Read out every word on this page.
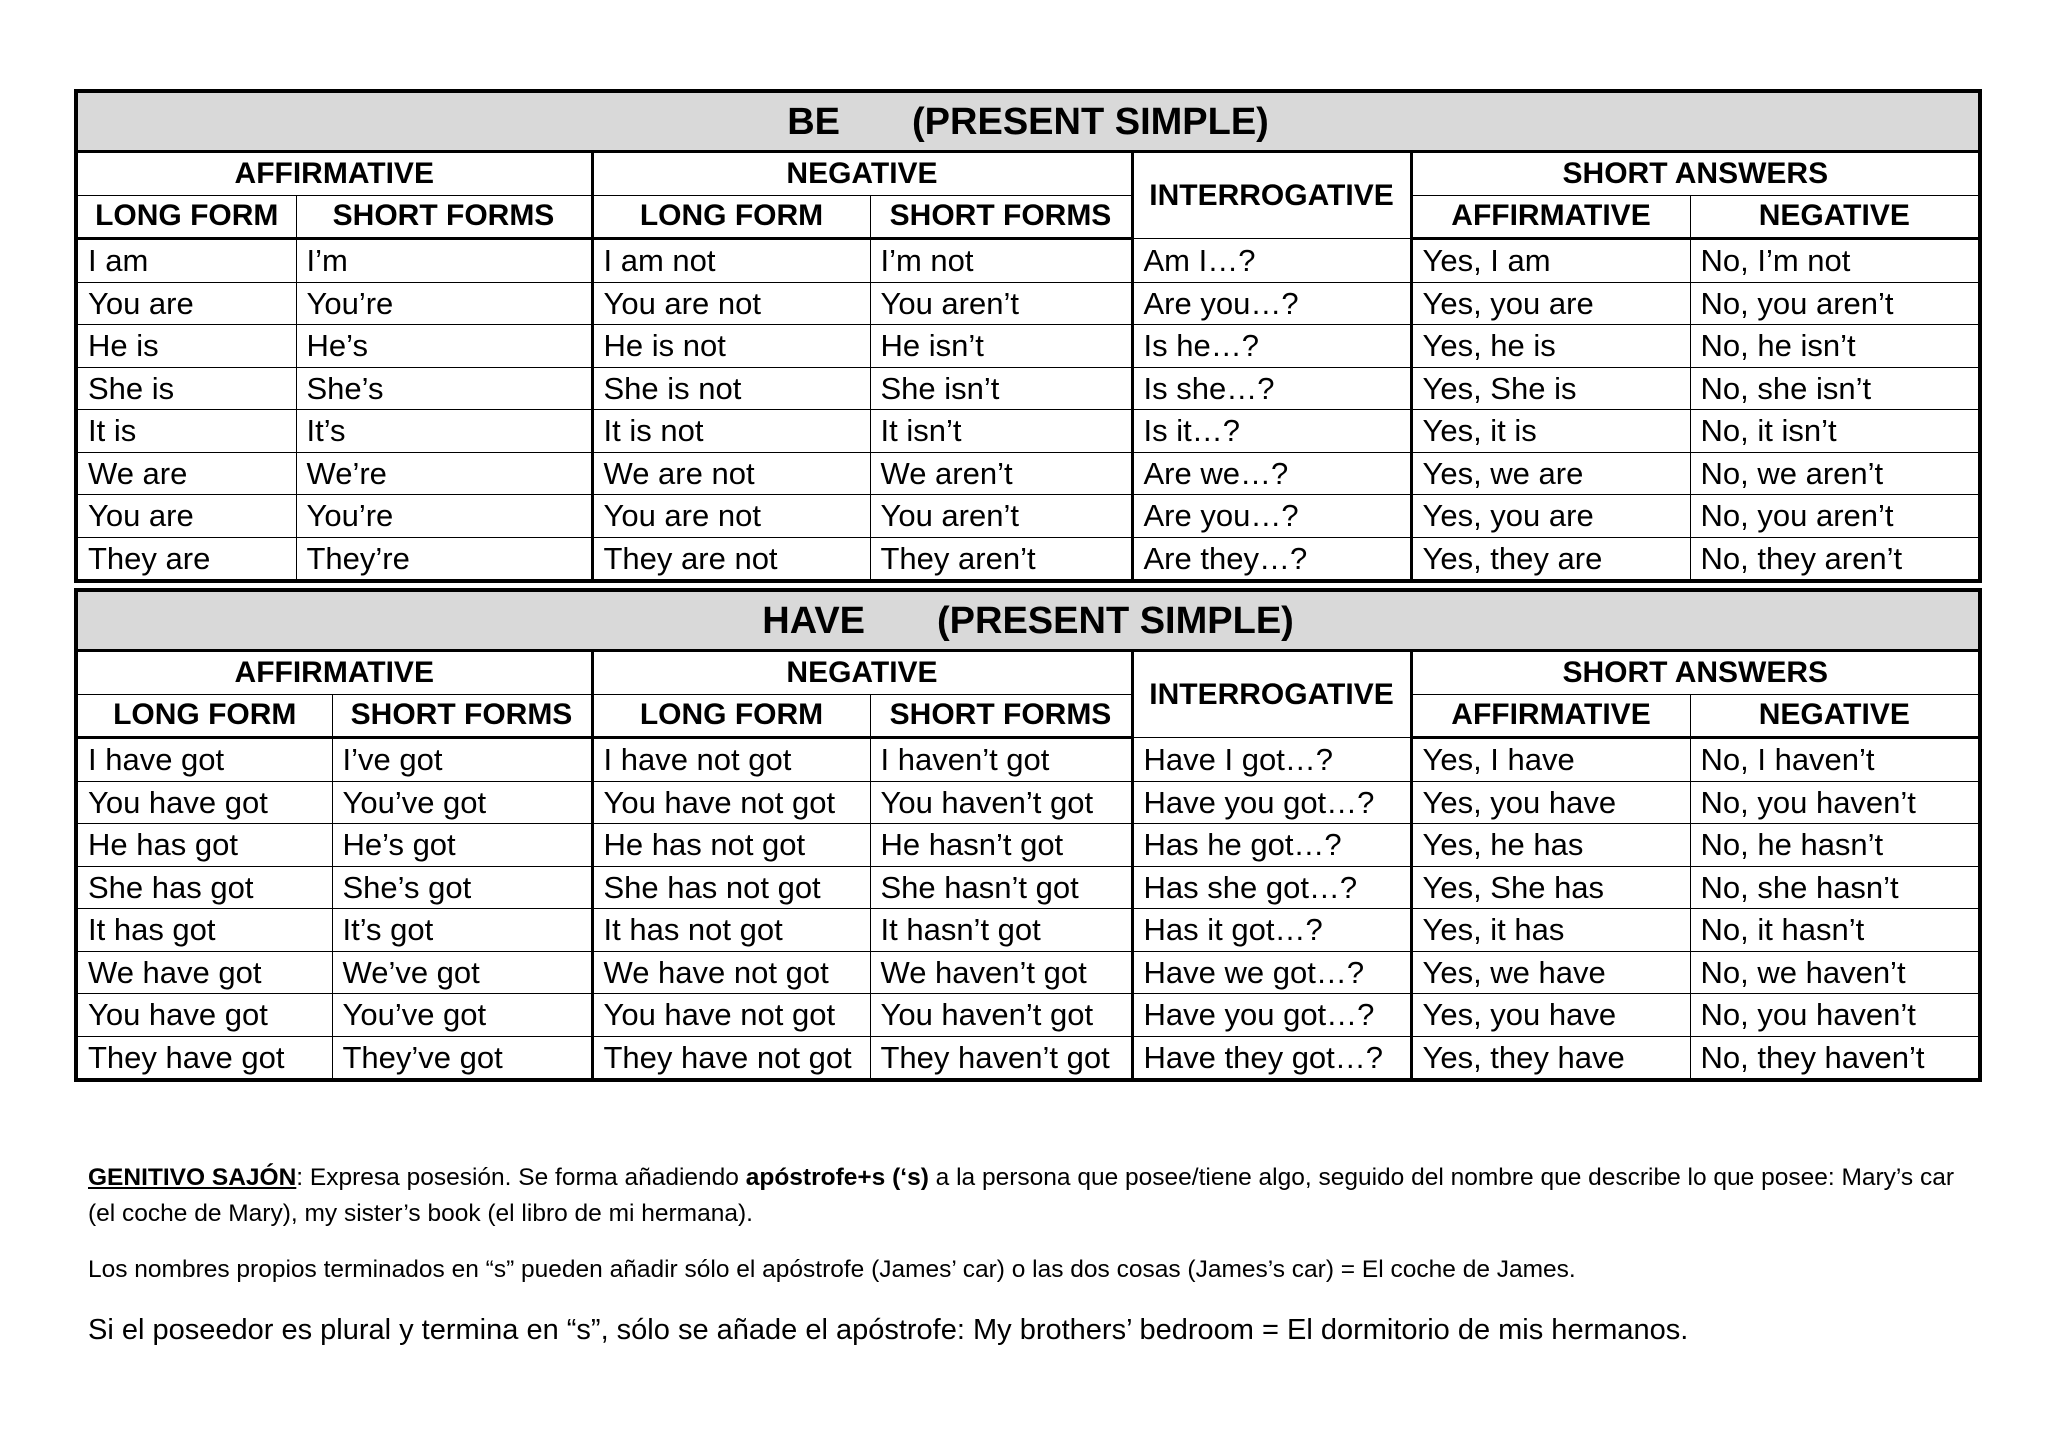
BE (PRESENT SIMPLE)						
AFFIRMATIVE		NEGATIVE		INTERROGATIVE	SHORT ANSWERS	
LONG FORM	SHORT FORMS	LONG FORM	SHORT FORMS		AFFIRMATIVE	NEGATIVE
I am	I’m	I am not	I’m not	Am I…?	Yes, I am	No, I’m not
You are	You’re	You are not	You aren’t	Are you…?	Yes, you are	No, you aren’t
He is	He’s	He is not	He isn’t	Is he…?	Yes, he is	No, he isn’t
She is	She’s	She is not	She isn’t	Is she…?	Yes, She is	No, she isn’t
It is	It’s	It is not	It isn’t	Is it…?	Yes, it is	No, it isn’t
We are	We’re	We are not	We aren’t	Are we…?	Yes, we are	No, we aren’t
You are	You’re	You are not	You aren’t	Are you…?	Yes, you are	No, you aren’t
They are	They’re	They are not	They aren’t	Are they…?	Yes, they are	No, they aren’t
HAVE (PRESENT SIMPLE)						
AFFIRMATIVE		NEGATIVE		INTERROGATIVE	SHORT ANSWERS	
LONG FORM	SHORT FORMS	LONG FORM	SHORT FORMS		AFFIRMATIVE	NEGATIVE
I have got	I’ve got	I have not got	I haven’t got	Have I got…?	Yes, I have	No, I haven’t
You have got	You’ve got	You have not got	You haven’t got	Have you got…?	Yes, you have	No, you haven’t
He has got	He’s got	He has not got	He hasn’t got	Has he got…?	Yes, he has	No, he hasn’t
She has got	She’s got	She has not got	She hasn’t got	Has she got…?	Yes, She has	No, she hasn’t
It has got	It’s got	It has not got	It hasn’t got	Has it got…?	Yes, it has	No, it hasn’t
We have got	We’ve got	We have not got	We haven’t got	Have we got…?	Yes, we have	No, we haven’t
You have got	You’ve got	You have not got	You haven’t got	Have you got…?	Yes, you have	No, you haven’t
They have got	They’ve got	They have not got	They haven’t got	Have they got…?	Yes, they have	No, they haven’t

GENITIVO SAJÓN: Expresa posesión. Se forma añadiendo apóstrofe+s (‘s) a la persona que posee/tiene algo, seguido del nombre que describe lo que posee: Mary’s car (el coche de Mary), my sister’s book (el libro de mi hermana).

Los nombres propios terminados en “s” pueden añadir sólo el apóstrofe (James’ car) o las dos cosas (James’s car) = El coche de James.

Si el poseedor es plural y termina en “s”, sólo se añade el apóstrofe: My brothers’ bedroom = El dormitorio de mis hermanos.
